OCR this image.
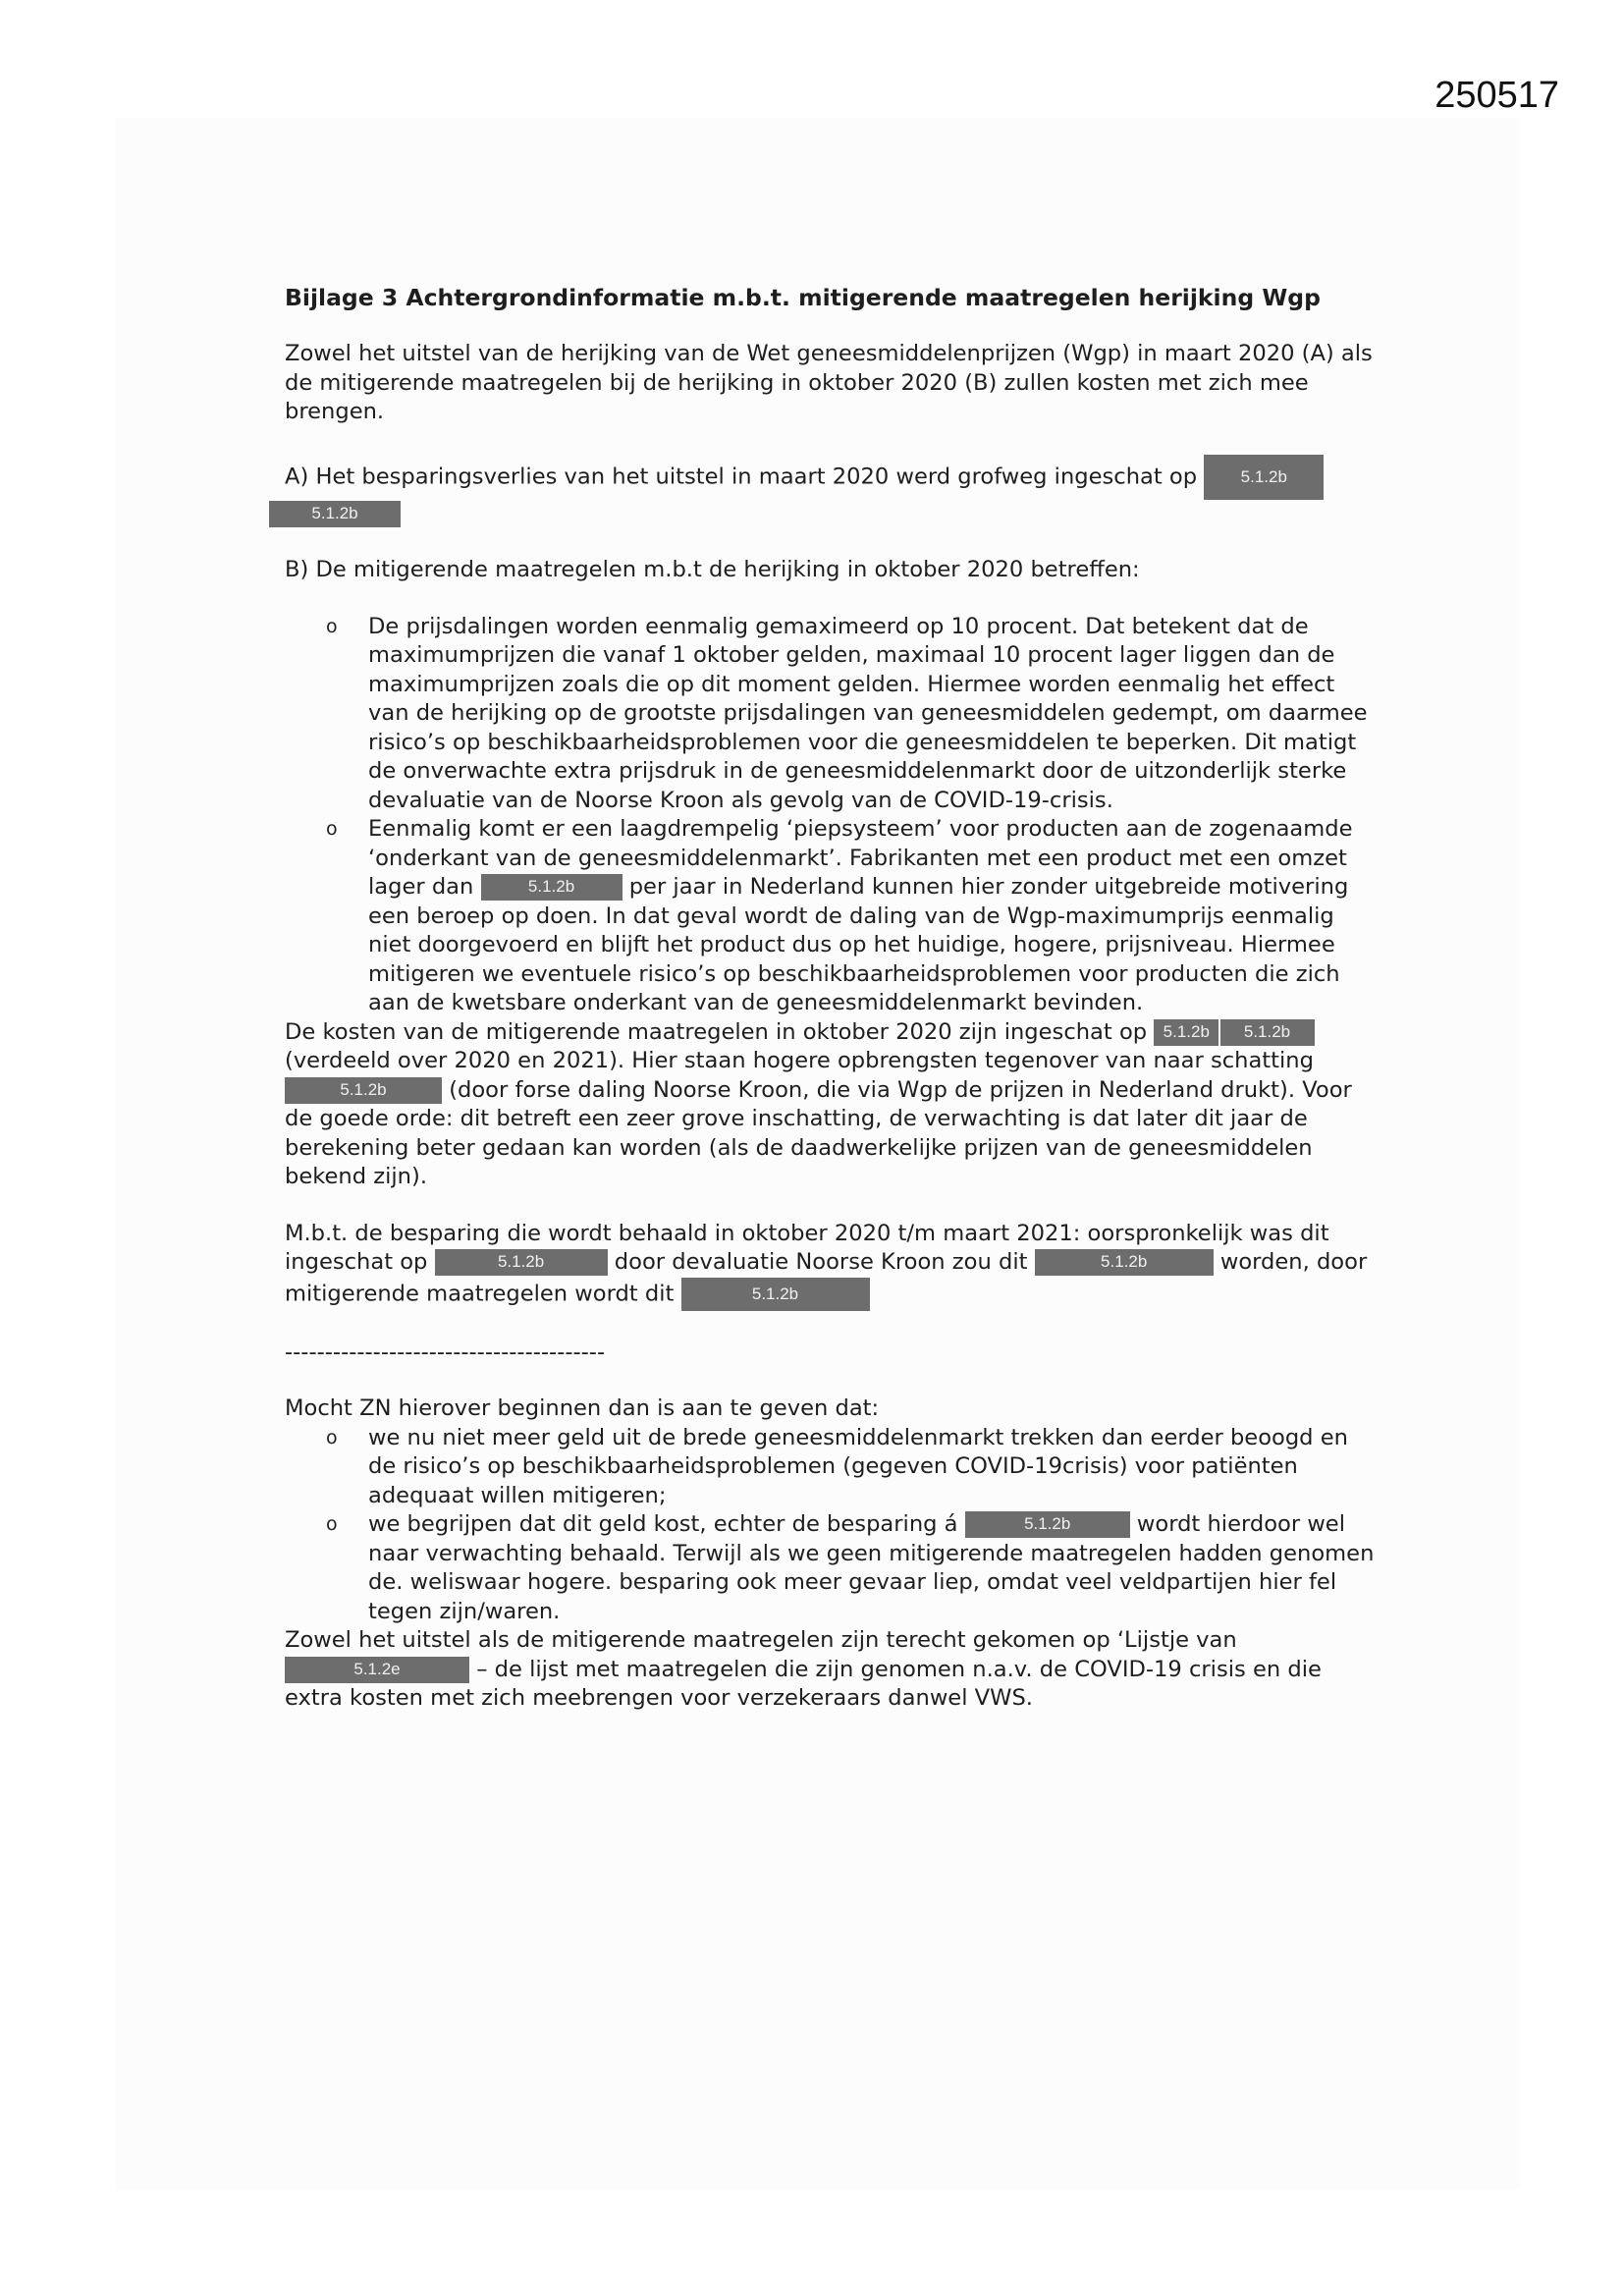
250517
Bijlage 3 Achtergrondinformatie m.b.t. mitigerende maatregelen herijking Wgp

Zowel het uitstel van de herijking van de Wet geneesmiddelenprijzen (Wgp) in maart 2020 (A) als de mitigerende maatregelen bij de herijking in oktober 2020 (B) zullen kosten met zich mee brengen.

A) Het besparingsverlies van het uitstel in maart 2020 werd grofweg ingeschat op	5.1.2b
5.1.2b

B) De mitigerende maatregelen m.b.t de herijking in oktober 2020 betreffen:

o De prijsdalingen worden eenmalig gemaximeerd op 10 procent. Dat betekent dat de maximumprijzen die vanaf 1 oktober gelden, maximaal 10 procent lager liggen dan de maximumprijzen zoals die op dit moment gelden. Hiermee worden eenmalig het effect van de herijking op de grootste prijsdalingen van geneesmiddelen gedempt, om daarmee risico’s op beschikbaarheidsproblemen voor die geneesmiddelen te beperken. Dit matigt de onverwachte extra prijsdruk in de geneesmiddelenmarkt door de uitzonderlijk sterke devaluatie van de Noorse Kroon als gevolg van de COVID-19-crisis.
o Eenmalig komt er een laagdrempelig ‘piepsysteem’ voor producten aan de zogenaamde ‘onderkant van de geneesmiddelenmarkt’. Fabrikanten met een product met een omzet lager dan	5.1.2b per jaar in Nederland kunnen hier zonder uitgebreide motivering een beroep op doen. In dat geval wordt de daling van de Wgp-maximumprijs eenmalig niet doorgevoerd en blijft het product dus op het huidige, hogere, prijsniveau. Hiermee mitigeren we eventuele risico’s op beschikbaarheidsproblemen voor producten die zich aan de kwetsbare onderkant van de geneesmiddelenmarkt bevinden.

De kosten van de mitigerende maatregelen in oktober 2020 zijn ingeschat op 5.1.2b 5.1.2b (verdeeld over 2020 en 2021). Hier staan hogere opbrengsten tegenover van naar schatting 5.1.2b	(door forse daling Noorse Kroon, die via Wgp de prijzen in Nederland drukt). Voor de goede orde: dit betreft een zeer grove inschatting, de verwachting is dat later dit jaar de berekening beter gedaan kan worden (als de daadwerkelijke prijzen van de geneesmiddelen bekend zijn).

M.b.t. de besparing die wordt behaald in oktober 2020 t/m maart 2021: oorspronkelijk was dit ingeschat op	5.1.2b	door devaluatie Noorse Kroon zou dit	5.1.2b	worden, door mitigerende maatregelen wordt dit	5.1.2b

----------------------------------------

Mocht ZN hierover beginnen dan is aan te geven dat:

o we nu niet meer geld uit de brede geneesmiddelenmarkt trekken dan eerder beoogd en de risico’s op beschikbaarheidsproblemen (gegeven COVID-19crisis) voor patiënten adequaat willen mitigeren;
o we begrijpen dat dit geld kost, echter de besparing á	5.1.2b	wordt hierdoor wel naar verwachting behaald. Terwijl als we geen mitigerende maatregelen hadden genomen de. weliswaar hogere. besparing ook meer gevaar liep, omdat veel veldpartijen hier fel tegen zijn/waren.

Zowel het uitstel als de mitigerende maatregelen zijn terecht gekomen op ‘Lijstje van 5.1.2e	– de lijst met maatregelen die zijn genomen n.a.v. de COVID-19 crisis en die extra kosten met zich meebrengen voor verzekeraars danwel VWS.
